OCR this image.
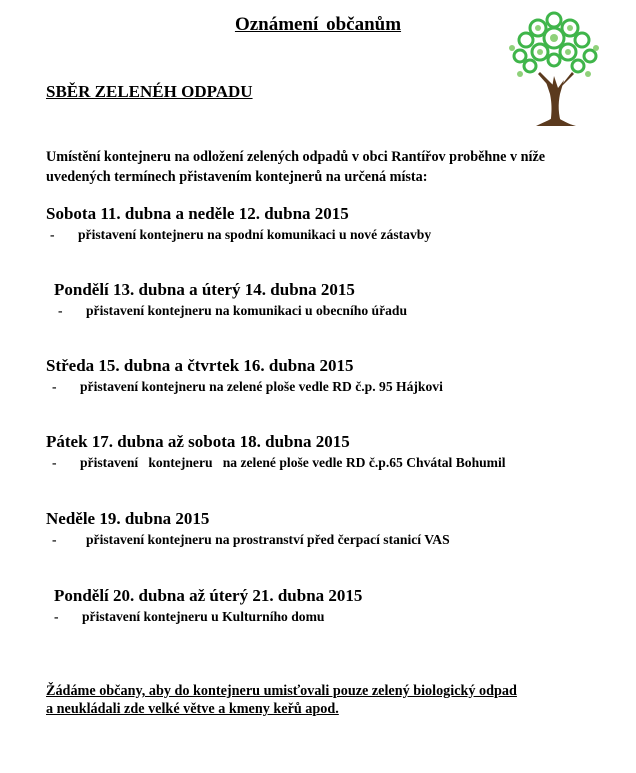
Oznámení občanům
SBĚR ZELENÉH ODPADU
Umístění kontejneru na odložení zelených odpadů v obci Rantířov proběhne v níže
uvedených termínech přistavením kontejnerů na určená místa:
Sobota 11. dubna a neděle 12. dubna 2015
- přistavení kontejneru na spodní komunikaci u nové zástavby
Pondělí 13. dubna a úterý 14. dubna 2015
- přistavení kontejneru na komunikaci u obecního úřadu
Středa 15. dubna a čtvrtek 16. dubna 2015
- přistavení kontejneru na zelené ploše vedle RD č.p. 95 Hájkovi
Pátek 17. dubna až sobota 18. dubna 2015
- přistavení   kontejneru   na zelené ploše vedle RD č.p.65 Chvátal Bohumil
Neděle 19. dubna 2015
- přistavení kontejneru na prostranství před čerpací stanicí VAS
Pondělí 20. dubna až úterý 21. dubna 2015
- přistavení kontejneru u Kulturního domu
Žádáme občany, aby do kontejneru umisťovali pouze zelený biologický odpad
a neukládali zde velké větve a kmeny keřů apod.
